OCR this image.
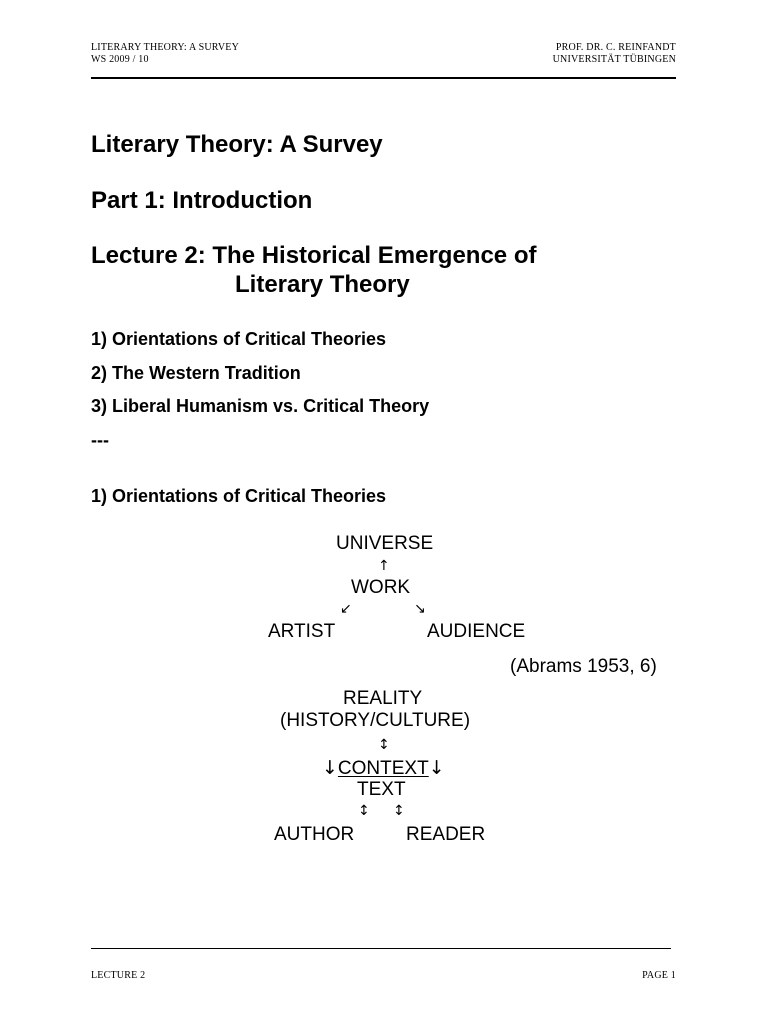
LITERARY THEORY: A SURVEY
WS 2009 / 10
PROF. DR. C. REINFANDT
UNIVERSITÄT TÜBINGEN
Literary Theory: A Survey
Part 1: Introduction
Lecture 2: The Historical Emergence of
Literary Theory
1) Orientations of Critical Theories
2) The Western Tradition
3) Liberal Humanism vs. Critical Theory
---
1) Orientations of Critical Theories
UNIVERSE
↑
WORK
↙	↘
ARTIST	AUDIENCE
(Abrams 1953, 6)
REALITY
(HISTORY/CULTURE)
↕
↓CONTEXT↓
TEXT
↕ ↕
AUTHOR	READER
LECTURE 2	PAGE 1
